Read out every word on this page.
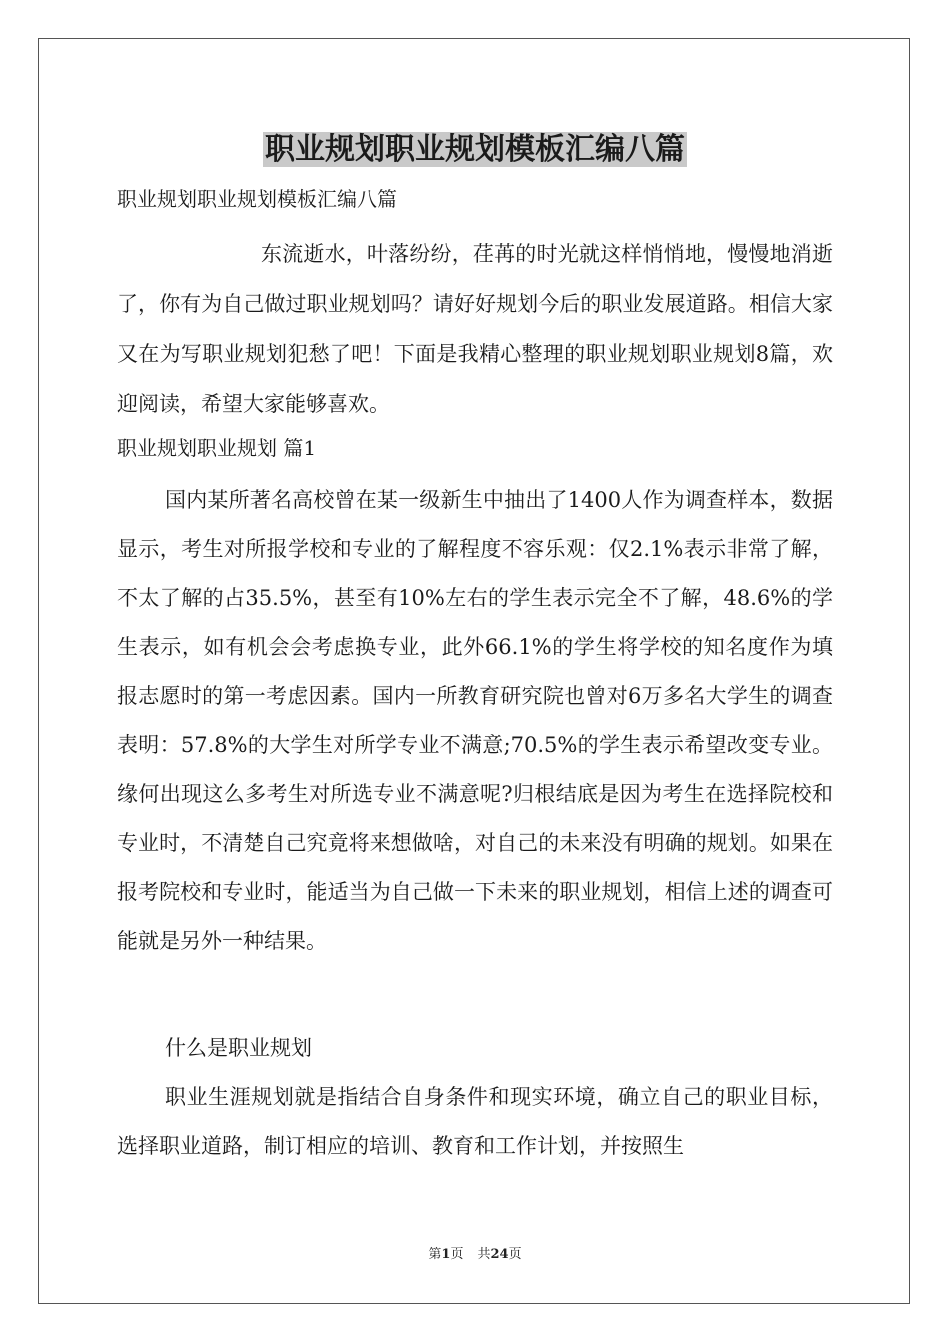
职业规划职业规划模板汇编八篇

职业规划职业规划模板汇编八篇

东流逝水，叶落纷纷，荏苒的时光就这样悄悄地，慢慢地消逝了，你有为自己做过职业规划吗？请好好规划今后的职业发展道路。相信大家又在为写职业规划犯愁了吧！下面是我精心整理的职业规划职业规划8篇，欢迎阅读，希望大家能够喜欢。

职业规划职业规划 篇1

国内某所著名高校曾在某一级新生中抽出了1400人作为调查样本，数据显示，考生对所报学校和专业的了解程度不容乐观：仅2.1%表示非常了解，不太了解的占35.5%，甚至有10%左右的学生表示完全不了解，48.6%的学生表示，如有机会会考虑换专业，此外66.1%的学生将学校的知名度作为填报志愿时的第一考虑因素。国内一所教育研究院也曾对6万多名大学生的调查表明：57.8%的大学生对所学专业不满意;70.5%的学生表示希望改变专业。缘何出现这么多考生对所选专业不满意呢?归根结底是因为考生在选择院校和专业时，不清楚自己究竟将来想做啥，对自己的未来没有明确的规划。如果在报考院校和专业时，能适当为自己做一下未来的职业规划，相信上述的调查可能就是另外一种结果。

什么是职业规划

职业生涯规划就是指结合自身条件和现实环境，确立自己的职业目标，选择职业道路，制订相应的培训、教育和工作计划，并按照生

第1页 共24页
